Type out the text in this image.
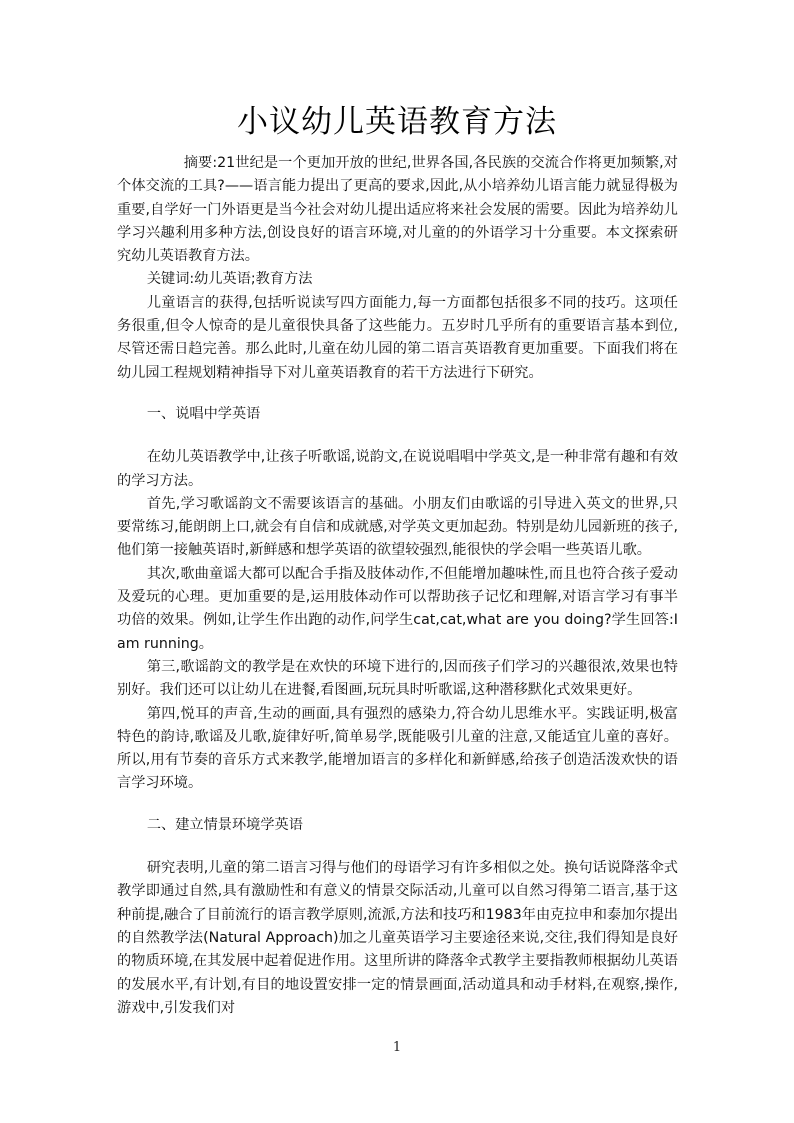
小议幼儿英语教育方法

摘要:21世纪是一个更加开放的世纪,世界各国,各民族的交流合作将更加频繁,对个体交流的工具?——语言能力提出了更高的要求,因此,从小培养幼儿语言能力就显得极为重要,自学好一门外语更是当今社会对幼儿提出适应将来社会发展的需要。因此为培养幼儿学习兴趣利用多种方法,创设良好的语言环境,对儿童的的外语学习十分重要。本文探索研究幼儿英语教育方法。

关键词:幼儿英语;教育方法

儿童语言的获得,包括听说读写四方面能力,每一方面都包括很多不同的技巧。这项任务很重,但令人惊奇的是儿童很快具备了这些能力。五岁时几乎所有的重要语言基本到位,尽管还需日趋完善。那么此时,儿童在幼儿园的第二语言英语教育更加重要。下面我们将在幼儿园工程规划精神指导下对儿童英语教育的若干方法进行下研究。

一、说唱中学英语

在幼儿英语教学中,让孩子听歌谣,说韵文,在说说唱唱中学英文,是一种非常有趣和有效的学习方法。

首先,学习歌谣韵文不需要该语言的基础。小朋友们由歌谣的引导进入英文的世界,只要常练习,能朗朗上口,就会有自信和成就感,对学英文更加起劲。特别是幼儿园新班的孩子,他们第一接触英语时,新鲜感和想学英语的欲望较强烈,能很快的学会唱一些英语儿歌。

其次,歌曲童谣大都可以配合手指及肢体动作,不但能增加趣味性,而且也符合孩子爱动及爱玩的心理。更加重要的是,运用肢体动作可以帮助孩子记忆和理解,对语言学习有事半功倍的效果。例如,让学生作出跑的动作,问学生cat,cat,what are you doing?学生回答:I am running。

第三,歌谣韵文的教学是在欢快的环境下进行的,因而孩子们学习的兴趣很浓,效果也特别好。我们还可以让幼儿在进餐,看图画,玩玩具时听歌谣,这种潜移默化式效果更好。

第四,悦耳的声音,生动的画面,具有强烈的感染力,符合幼儿思维水平。实践证明,极富特色的韵诗,歌谣及儿歌,旋律好听,简单易学,既能吸引儿童的注意,又能适宜儿童的喜好。所以,用有节奏的音乐方式来教学,能增加语言的多样化和新鲜感,给孩子创造活泼欢快的语言学习环境。

二、建立情景环境学英语

研究表明,儿童的第二语言习得与他们的母语学习有许多相似之处。换句话说降落伞式教学即通过自然,具有激励性和有意义的情景交际活动,儿童可以自然习得第二语言,基于这种前提,融合了目前流行的语言教学原则,流派,方法和技巧和1983年由克拉申和泰加尔提出的自然教学法(Natural Approach)加之儿童英语学习主要途径来说,交往,我们得知是良好的物质环境,在其发展中起着促进作用。这里所讲的降落伞式教学主要指教师根据幼儿英语的发展水平,有计划,有目的地设置安排一定的情景画面,活动道具和动手材料,在观察,操作,游戏中,引发我们对

1
